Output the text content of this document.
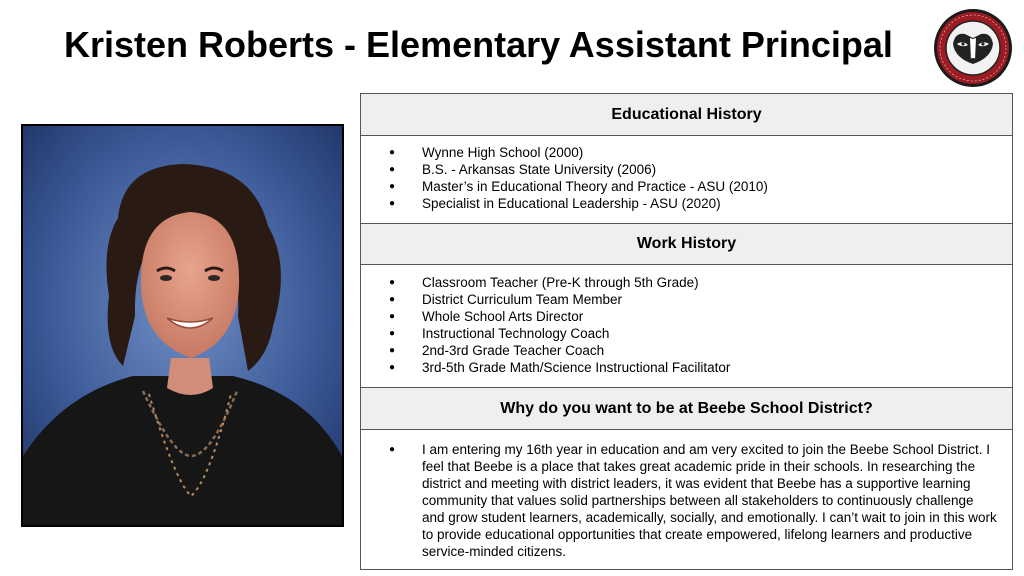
Kristen Roberts - Elementary Assistant Principal
Educational History
● Wynne High School (2000)
● B.S. - Arkansas State University (2006)
● Master’s in Educational Theory and Practice - ASU (2010)
● Specialist in Educational Leadership - ASU (2020)
Work History
● Classroom Teacher (Pre-K through 5th Grade)
● District Curriculum Team Member
● Whole School Arts Director
● Instructional Technology Coach
● 2nd-3rd Grade Teacher Coach
● 3rd-5th Grade Math/Science Instructional Facilitator
Why do you want to be at Beebe School District?
● I am entering my 16th year in education and am very excited to join the Beebe School District. I feel that Beebe is a place that takes great academic pride in their schools. In researching the district and meeting with district leaders, it was evident that Beebe has a supportive learning community that values solid partnerships between all stakeholders to continuously challenge and grow student learners, academically, socially, and emotionally. I can’t wait to join in this work to provide educational opportunities that create empowered, lifelong learners and productive service-minded citizens.
